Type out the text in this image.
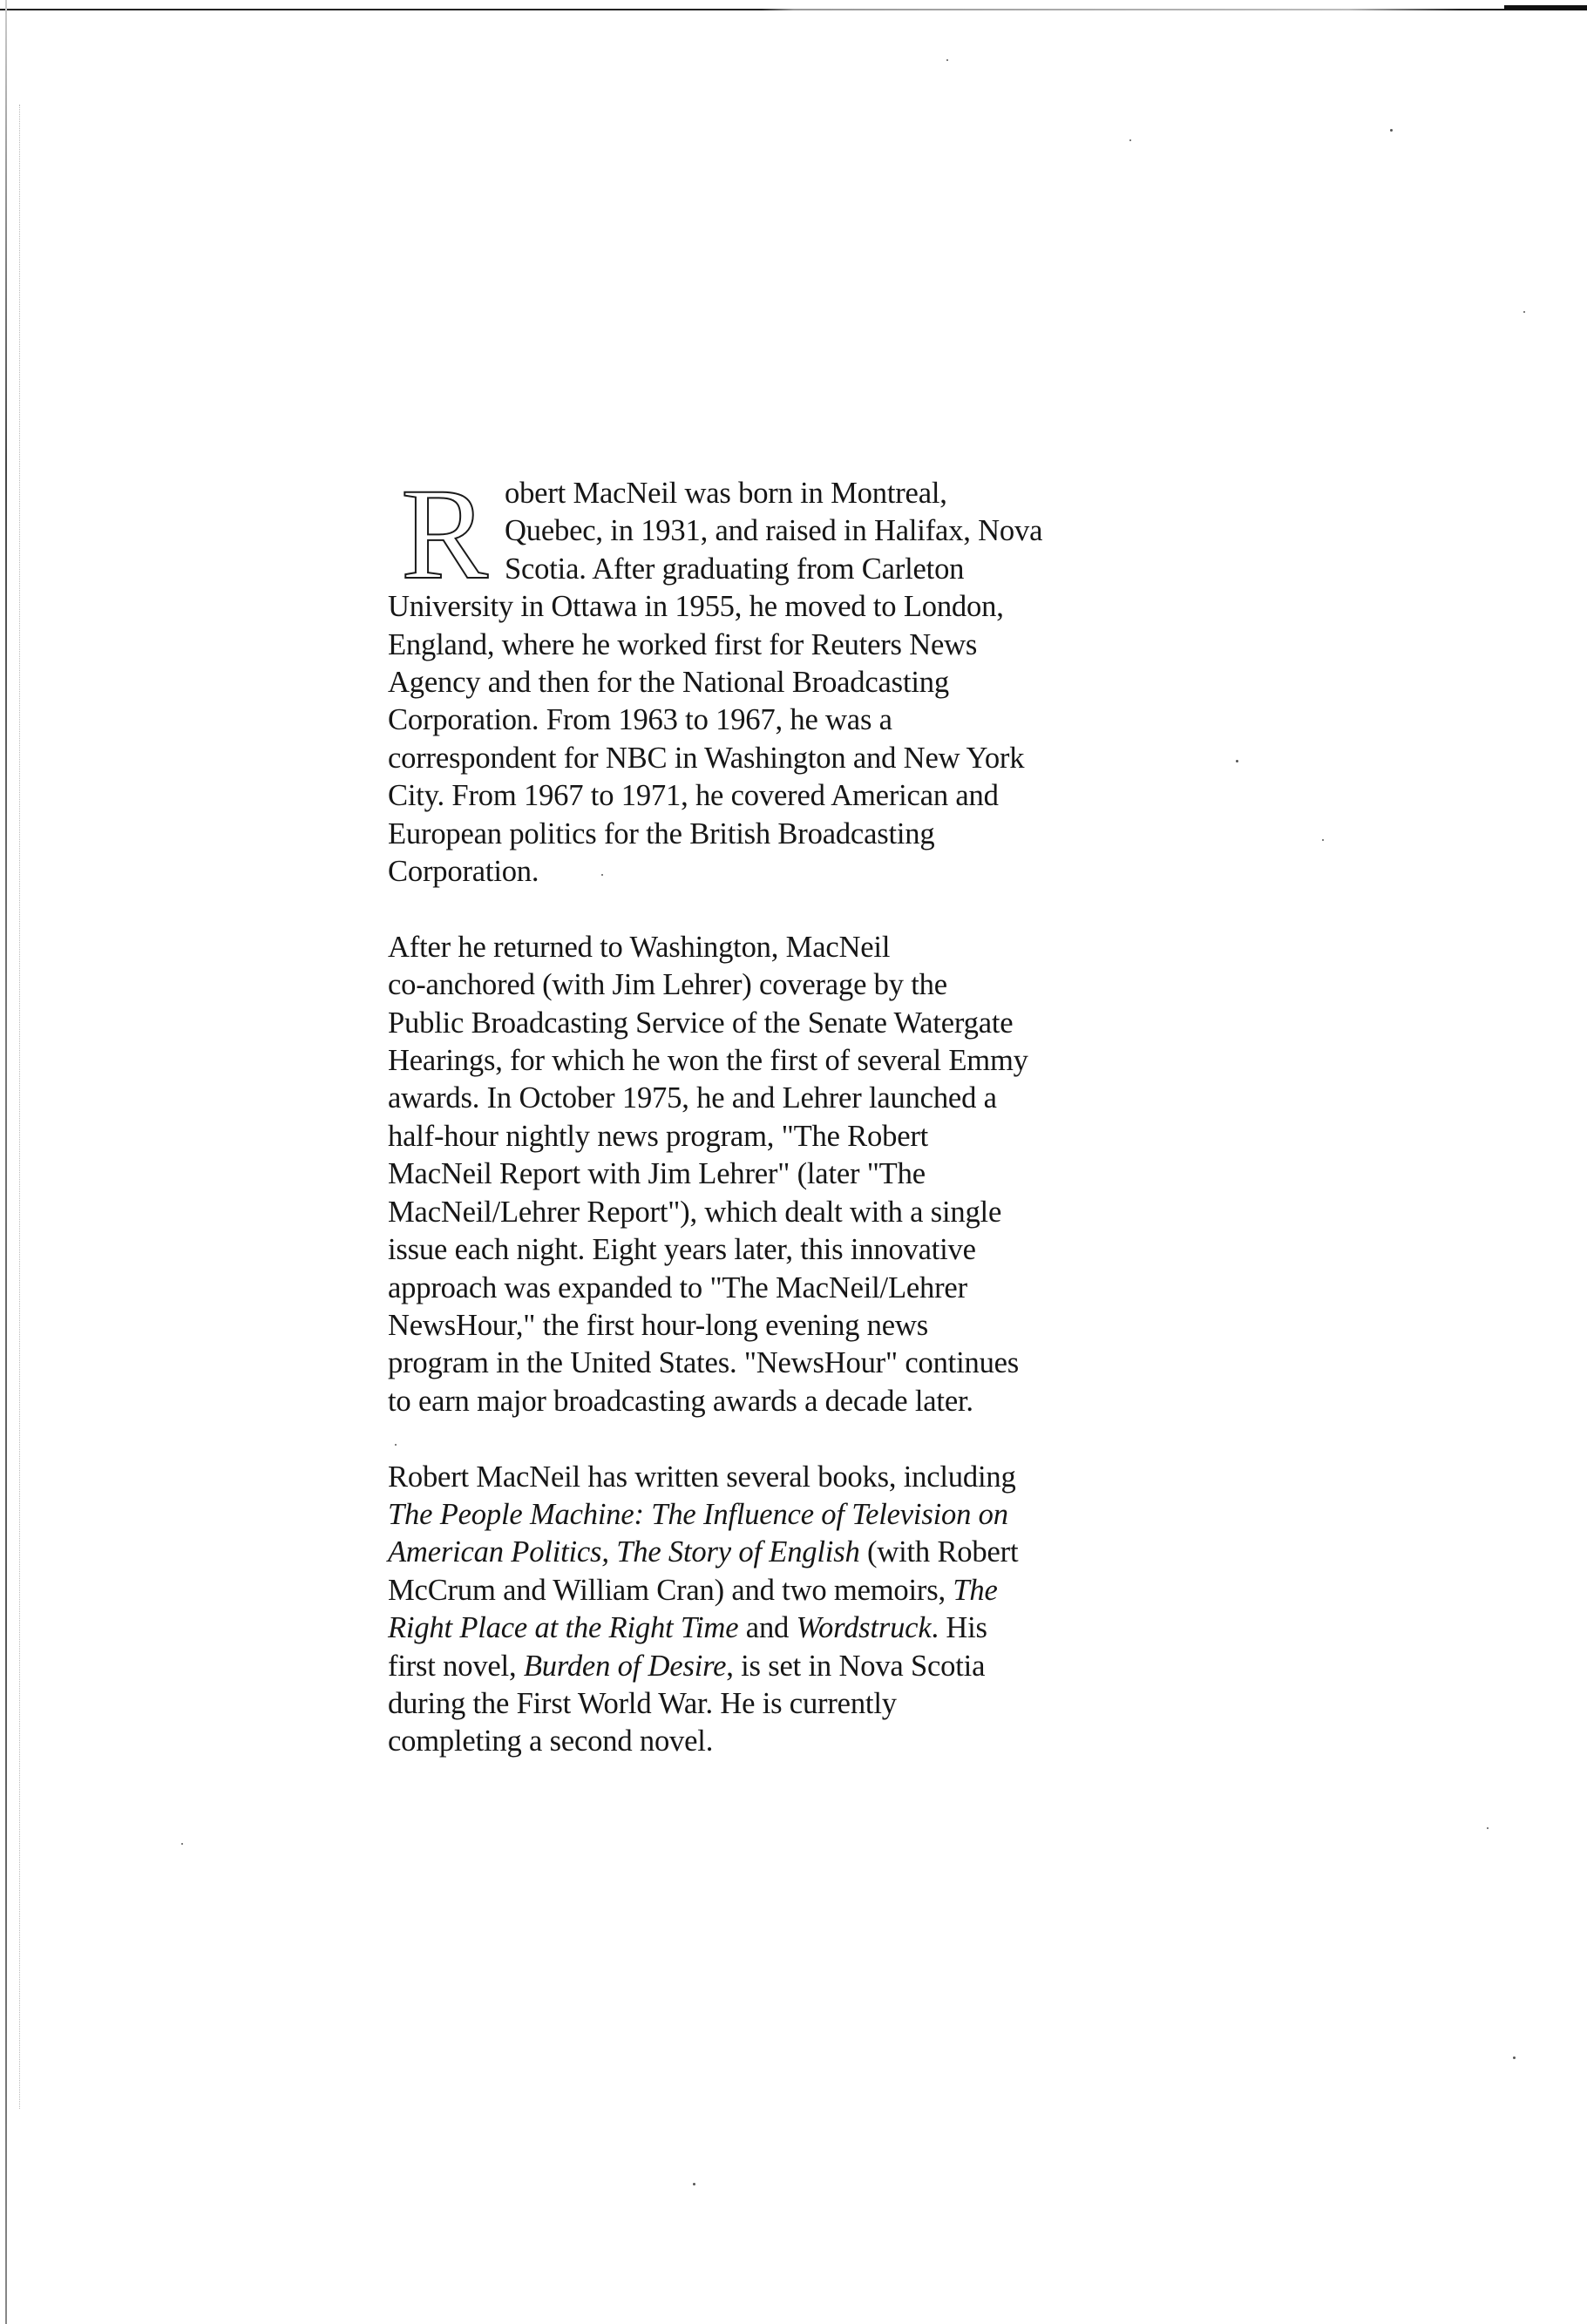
R obert MacNeil was born in Montreal,
Quebec, in 1931, and raised in Halifax, Nova
Scotia. After graduating from Carleton
University in Ottawa in 1955, he moved to London,
England, where he worked first for Reuters News
Agency and then for the National Broadcasting
Corporation. From 1963 to 1967, he was a
correspondent for NBC in Washington and New York
City. From 1967 to 1971, he covered American and
European politics for the British Broadcasting
Corporation.

After he returned to Washington, MacNeil
co-anchored (with Jim Lehrer) coverage by the
Public Broadcasting Service of the Senate Watergate
Hearings, for which he won the first of several Emmy
awards. In October 1975, he and Lehrer launched a
half-hour nightly news program, "The Robert
MacNeil Report with Jim Lehrer" (later "The
MacNeil/Lehrer Report"), which dealt with a single
issue each night. Eight years later, this innovative
approach was expanded to "The MacNeil/Lehrer
NewsHour," the first hour-long evening news
program in the United States. "NewsHour" continues
to earn major broadcasting awards a decade later.

Robert MacNeil has written several books, including
The People Machine: The Influence of Television on
American Politics, The Story of English (with Robert
McCrum and William Cran) and two memoirs, The
Right Place at the Right Time and Wordstruck. His
first novel, Burden of Desire, is set in Nova Scotia
during the First World War. He is currently
completing a second novel.
